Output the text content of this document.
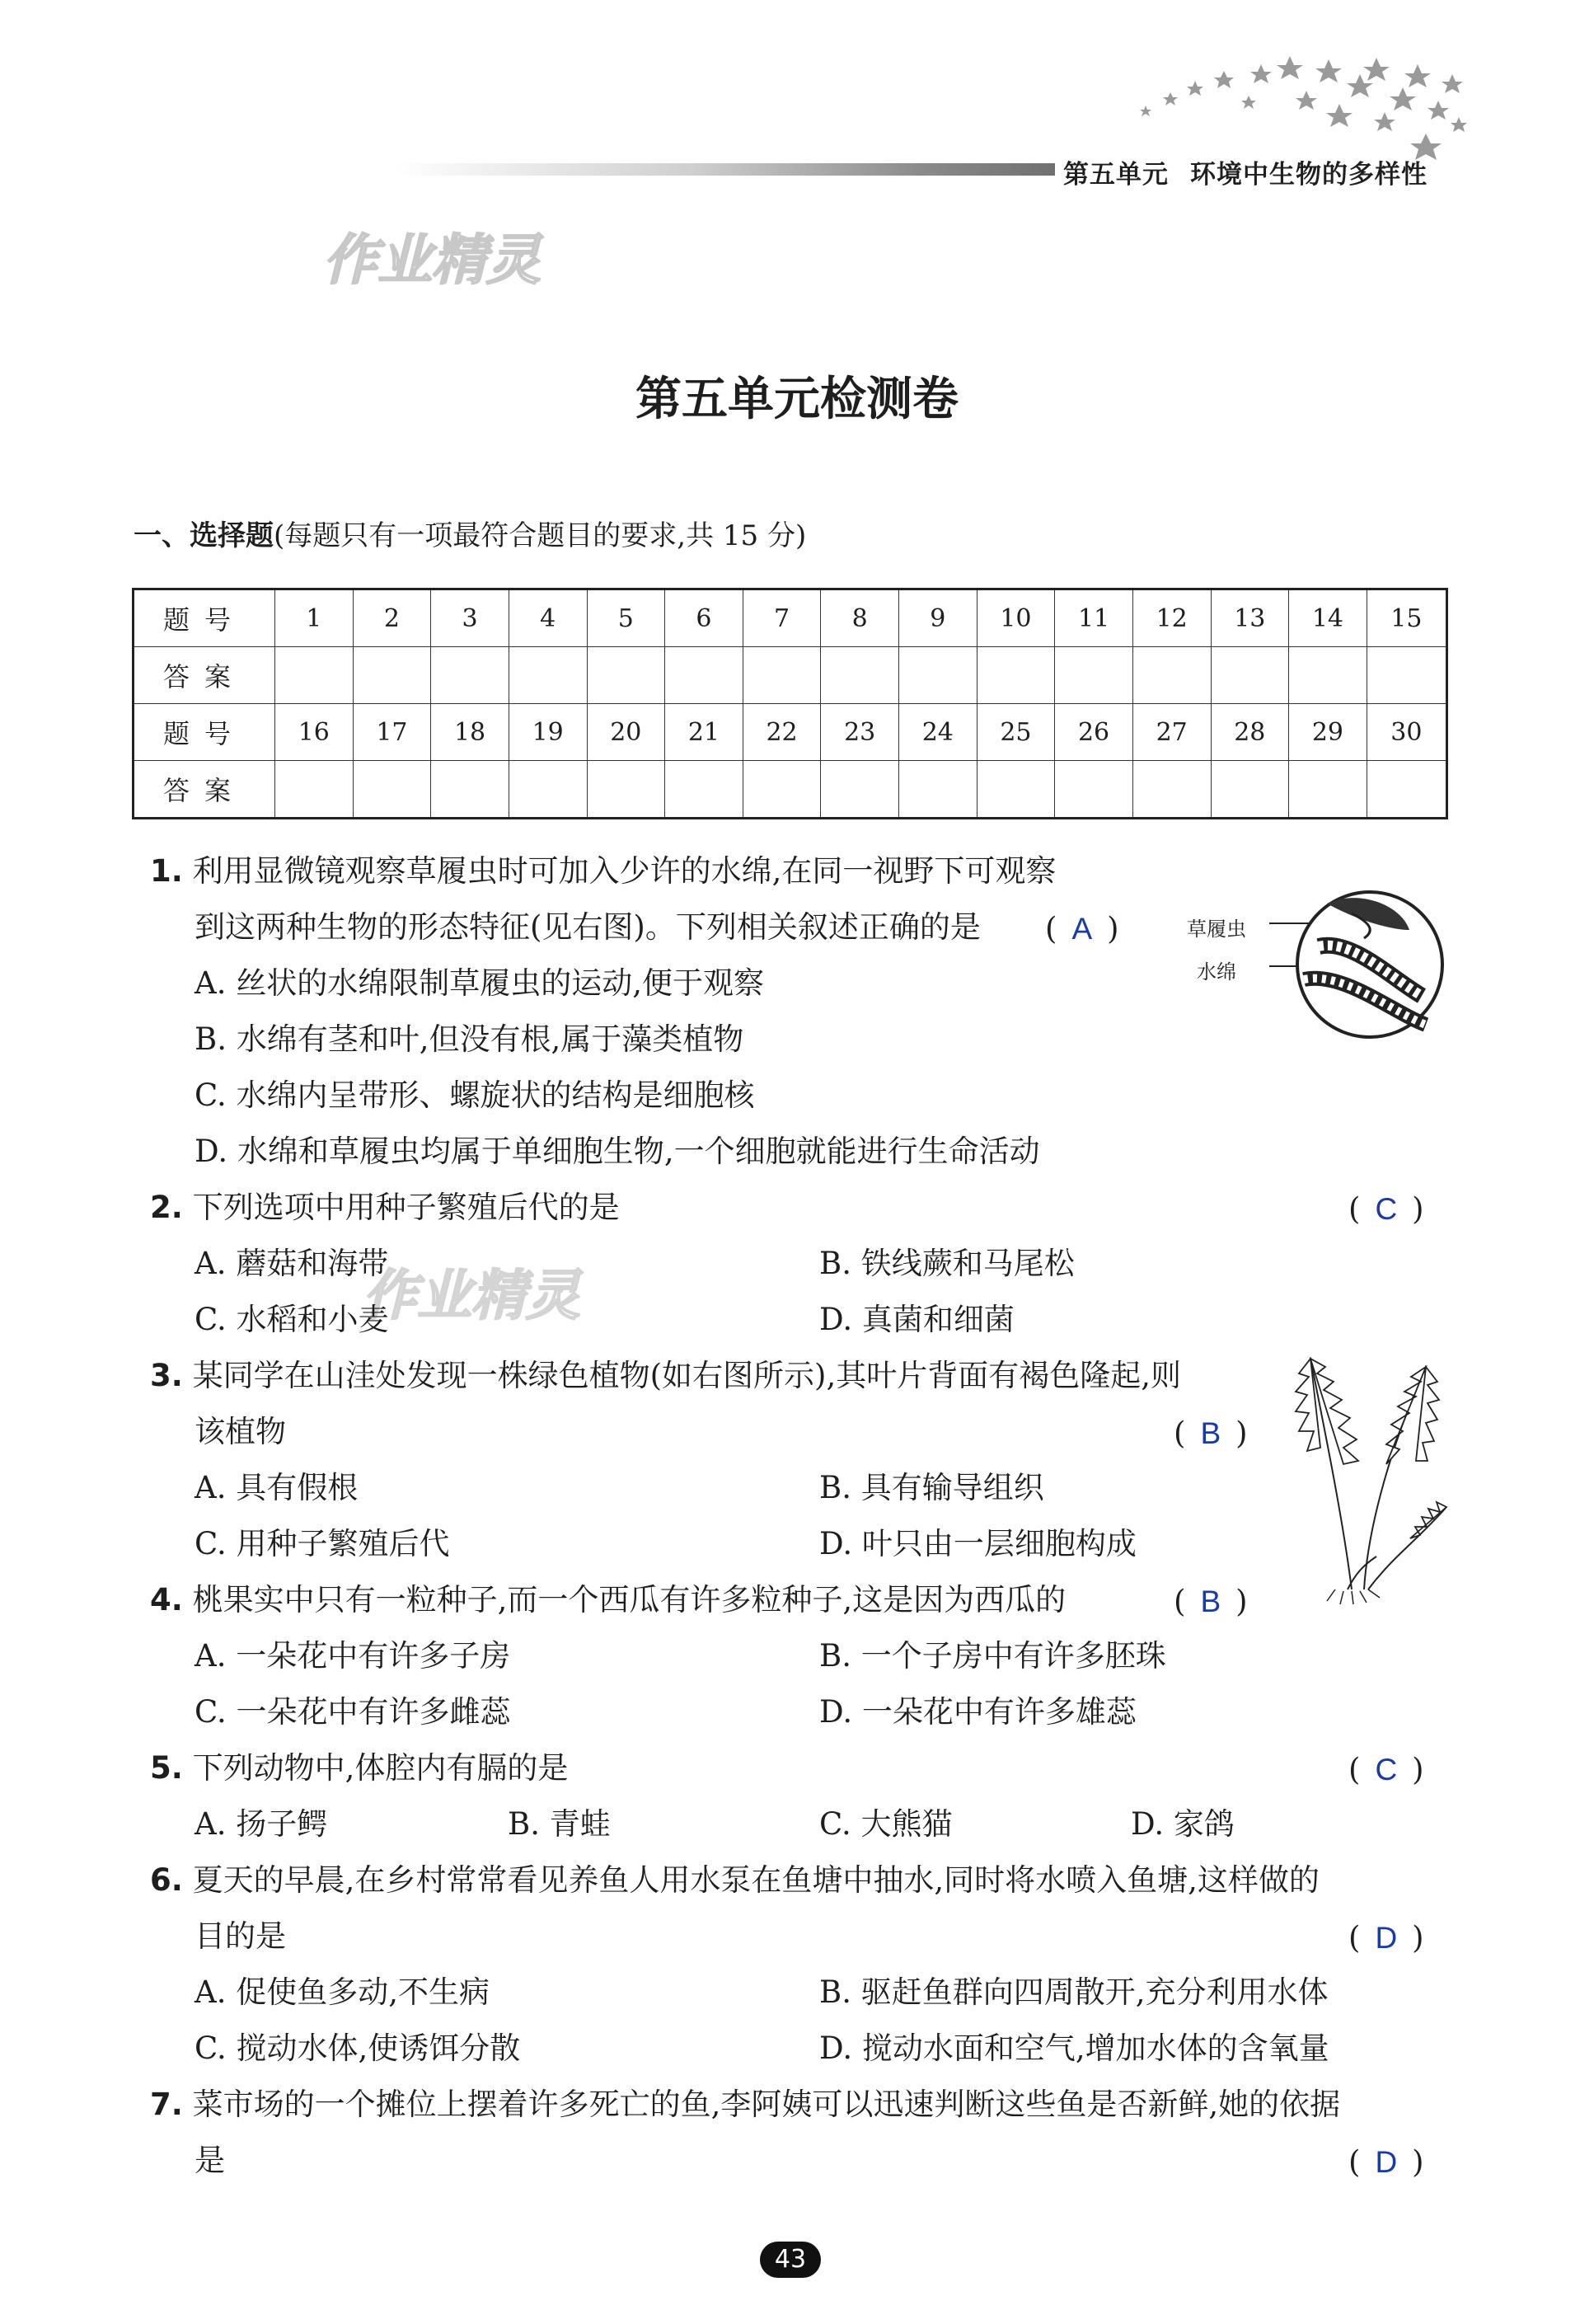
第五单元 环境中生物的多样性
作业精灵
作业精灵
第五单元检测卷
一、选择题(每题只有一项最符合题目的要求,共 15 分)
题号	1	2	3	4	5	6	7	8	9	10	11	12	13	14	15
答案															
题号	16	17	18	19	20	21	22	23	24	25	26	27	28	29	30
答案															
1. 利用显微镜观察草履虫时可加入少许的水绵,在同一视野下可观察
到这两种生物的形态特征(见右图)。下列相关叙述正确的是 ( A )
A. 丝状的水绵限制草履虫的运动,便于观察
B. 水绵有茎和叶,但没有根,属于藻类植物
C. 水绵内呈带形、螺旋状的结构是细胞核
D. 水绵和草履虫均属于单细胞生物,一个细胞就能进行生命活动
草履虫
水绵
2. 下列选项中用种子繁殖后代的是	( C )
A. 蘑菇和海带	B. 铁线蕨和马尾松
C. 水稻和小麦	D. 真菌和细菌
3. 某同学在山洼处发现一株绿色植物(如右图所示),其叶片背面有褐色隆起,则
该植物	( B )
A. 具有假根	B. 具有输导组织
C. 用种子繁殖后代	D. 叶只由一层细胞构成
4. 桃果实中只有一粒种子,而一个西瓜有许多粒种子,这是因为西瓜的	( B )
A. 一朵花中有许多子房	B. 一个子房中有许多胚珠
C. 一朵花中有许多雌蕊	D. 一朵花中有许多雄蕊
5. 下列动物中,体腔内有膈的是	( C )
A. 扬子鳄	B. 青蛙	C. 大熊猫	D. 家鸽
6. 夏天的早晨,在乡村常常看见养鱼人用水泵在鱼塘中抽水,同时将水喷入鱼塘,这样做的
目的是	( D )
A. 促使鱼多动,不生病	B. 驱赶鱼群向四周散开,充分利用水体
C. 搅动水体,使诱饵分散	D. 搅动水面和空气,增加水体的含氧量
7. 菜市场的一个摊位上摆着许多死亡的鱼,李阿姨可以迅速判断这些鱼是否新鲜,她的依据
是	( D )
43
